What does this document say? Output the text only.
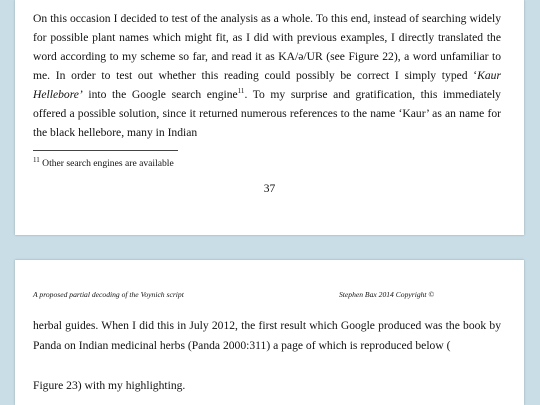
On this occasion I decided to test of the analysis as a whole. To this end, instead of searching widely for possible plant names which might fit, as I did with previous examples, I directly translated the word according to my scheme so far, and read it as KA/ə/UR (see Figure 22), a word unfamiliar to me. In order to test out whether this reading could possibly be correct I simply typed ‘Kaur Hellebore’ into the Google search engine$^{11}$. To my surprise and gratification, this immediately offered a possible solution, since it returned numerous references to the name ‘Kaur’ as an name for the black hellebore, many in Indian

$^{11}$ Other search engines are available
37
A proposed partial decoding of the Voynich script	Stephen Bax 2014 Copyright ©

herbal guides. When I did this in July 2012, the first result which Google produced was the book by Panda on Indian medicinal herbs (Panda 2000:311) a page of which is reproduced below (

Figure 23) with my highlighting.
